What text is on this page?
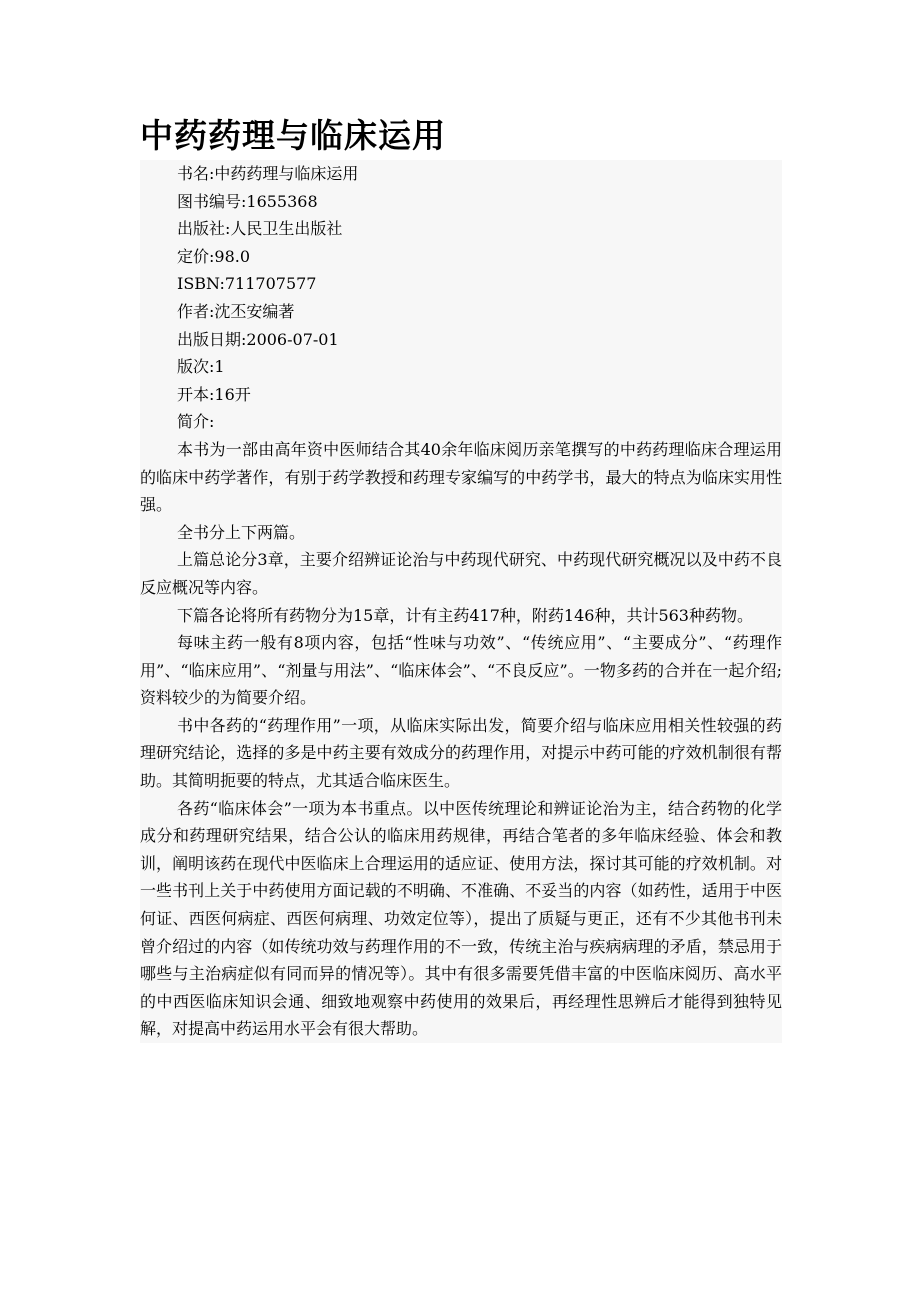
中药药理与临床运用

书名:中药药理与临床运用

图书编号:1655368

出版社:人民卫生出版社

定价:98.0

ISBN:711707577

作者:沈丕安编著

出版日期:2006-07-01

版次:1

开本:16开

简介:

本书为一部由高年资中医师结合其40余年临床阅历亲笔撰写的中药药理临床合理运用的临床中药学著作，有别于药学教授和药理专家编写的中药学书，最大的特点为临床实用性强。

全书分上下两篇。

上篇总论分3章，主要介绍辨证论治与中药现代研究、中药现代研究概况以及中药不良反应概况等内容。

下篇各论将所有药物分为15章，计有主药417种，附药146种，共计563种药物。

每味主药一般有8项内容，包括“性味与功效”、“传统应用”、“主要成分”、“药理作用”、“临床应用”、“剂量与用法”、“临床体会”、“不良反应”。一物多药的合并在一起介绍;资料较少的为简要介绍。

书中各药的“药理作用”一项，从临床实际出发，简要介绍与临床应用相关性较强的药理研究结论，选择的多是中药主要有效成分的药理作用，对提示中药可能的疗效机制很有帮助。其简明扼要的特点，尤其适合临床医生。

各药“临床体会”一项为本书重点。以中医传统理论和辨证论治为主，结合药物的化学成分和药理研究结果，结合公认的临床用药规律，再结合笔者的多年临床经验、体会和教训，阐明该药在现代中医临床上合理运用的适应证、使用方法，探讨其可能的疗效机制。对一些书刊上关于中药使用方面记载的不明确、不准确、不妥当的内容（如药性，适用于中医何证、西医何病症、西医何病理、功效定位等），提出了质疑与更正，还有不少其他书刊未曾介绍过的内容（如传统功效与药理作用的不一致，传统主治与疾病病理的矛盾，禁忌用于哪些与主治病症似有同而异的情况等）。其中有很多需要凭借丰富的中医临床阅历、高水平的中西医临床知识会通、细致地观察中药使用的效果后，再经理性思辨后才能得到独特见解，对提高中药运用水平会有很大帮助。
